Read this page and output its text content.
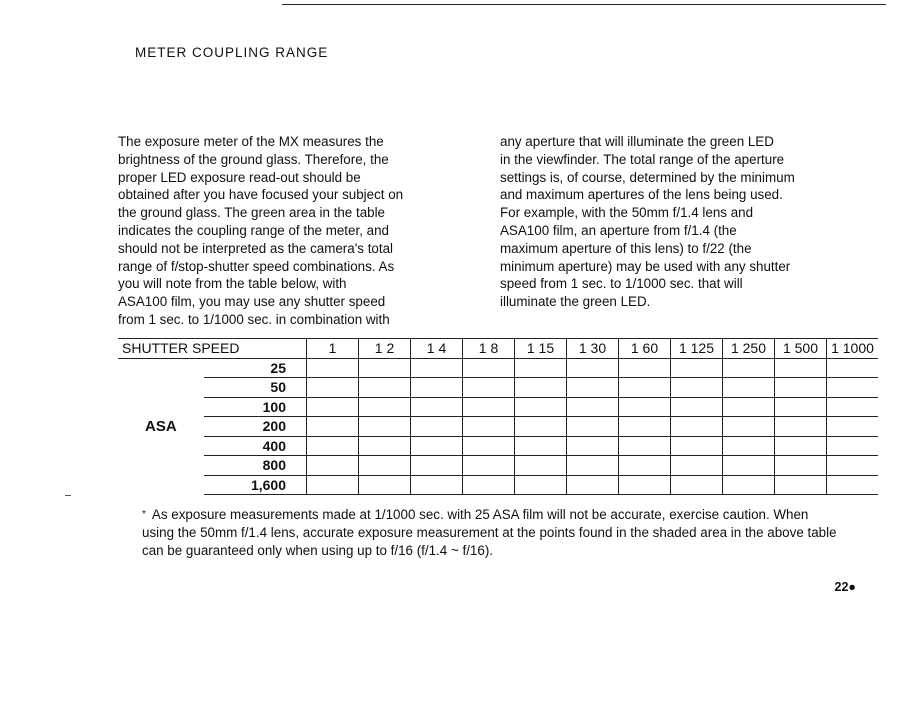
METER COUPLING RANGE
The exposure meter of the MX measures the
brightness of the ground glass. Therefore, the
proper LED exposure read-out should be
obtained after you have focused your subject on
the ground glass. The green area in the table
indicates the coupling range of the meter, and
should not be interpreted as the camera's total
range of f/stop-shutter speed combinations. As
you will note from the table below, with
ASA100 film, you may use any shutter speed
from 1 sec. to 1/1000 sec. in combination with
any aperture that will illuminate the green LED
in the viewfinder. The total range of the aperture
settings is, of course, determined by the minimum
and maximum apertures of the lens being used.
For example, with the 50mm f/1.4 lens and
ASA100 film, an aperture from f/1.4 (the
maximum aperture of this lens) to f/22 (the
minimum aperture) may be used with any shutter
speed from 1 sec. to 1/1000 sec. that will
illuminate the green LED.
SHUTTER SPEED		1	1 2	1 4	1 8	1 15	1 30	1 60	1 125	1 250	1 500	1 1000
ASA	25											
	50											
	100											
	200											
	400											
	800											
	1,600											
* As exposure measurements made at 1/1000 sec. with 25 ASA film will not be accurate, exercise caution. When using the 50mm f/1.4 lens, accurate exposure measurement at the points found in the shaded area in the above table can be guaranteed only when using up to f/16 (f/1.4 ~ f/16).
22●
